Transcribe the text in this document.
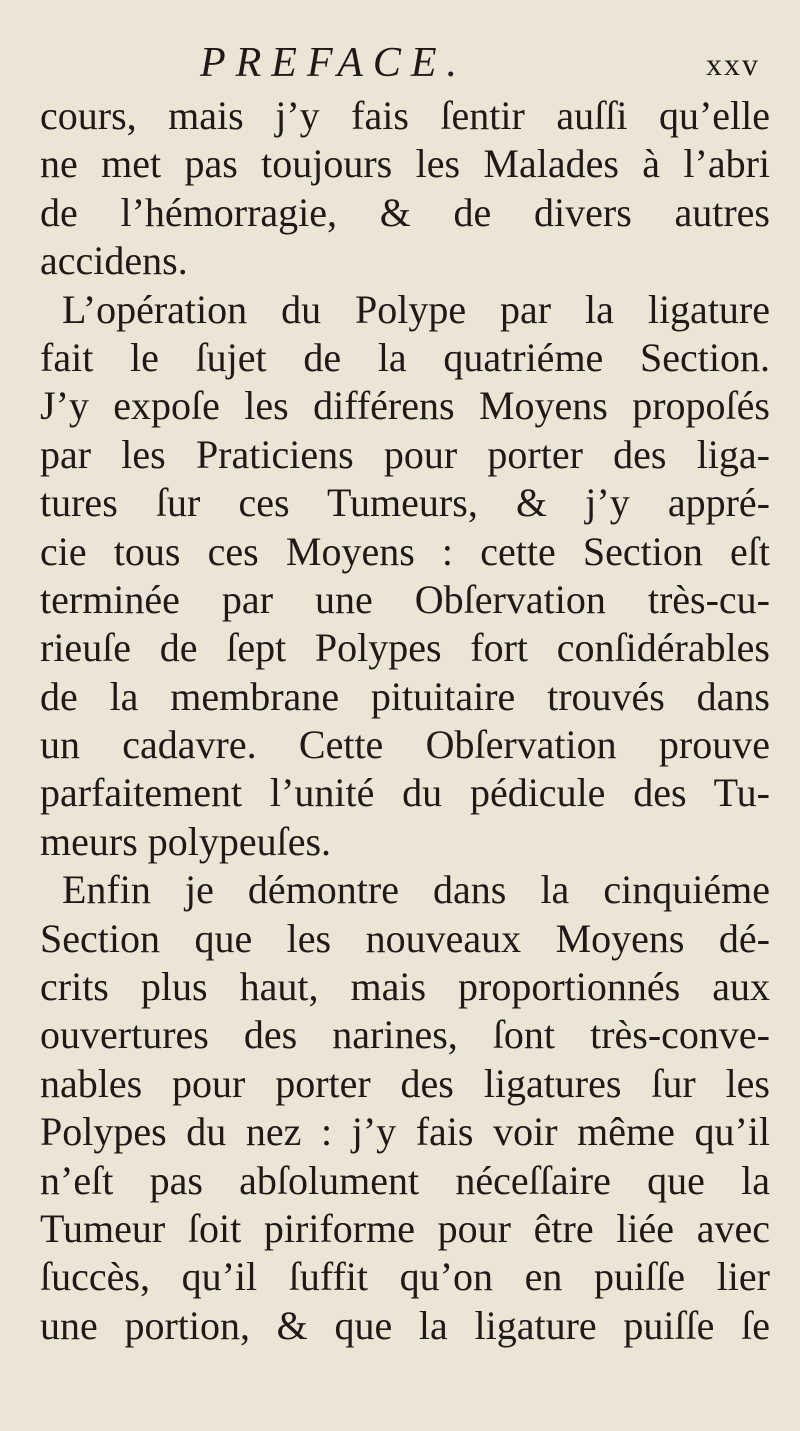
PREFACE.	xxv
cours, mais j’y fais ſentir auſſi qu’elle
ne met pas toujours les Malades à l’abri
de l’hémorragie, & de divers autres
accidens.
L’opération du Polype par la ligature
fait le ſujet de la quatriéme Section.
J’y expoſe les différens Moyens propoſés
par les Praticiens pour porter des liga-
tures ſur ces Tumeurs, & j’y appré-
cie tous ces Moyens : cette Section eſt
terminée par une Obſervation très-cu-
rieuſe de ſept Polypes fort conſidérables
de la membrane pituitaire trouvés dans
un cadavre. Cette Obſervation prouve
parfaitement l’unité du pédicule des Tu-
meurs polypeuſes.
Enfin je démontre dans la cinquiéme
Section que les nouveaux Moyens dé-
crits plus haut, mais proportionnés aux
ouvertures des narines, ſont très-conve-
nables pour porter des ligatures ſur les
Polypes du nez : j’y fais voir même qu’il
n’eſt pas abſolument néceſſaire que la
Tumeur ſoit piriforme pour être liée avec
ſuccès, qu’il ſuffit qu’on en puiſſe lier
une portion, & que la ligature puiſſe ſe
